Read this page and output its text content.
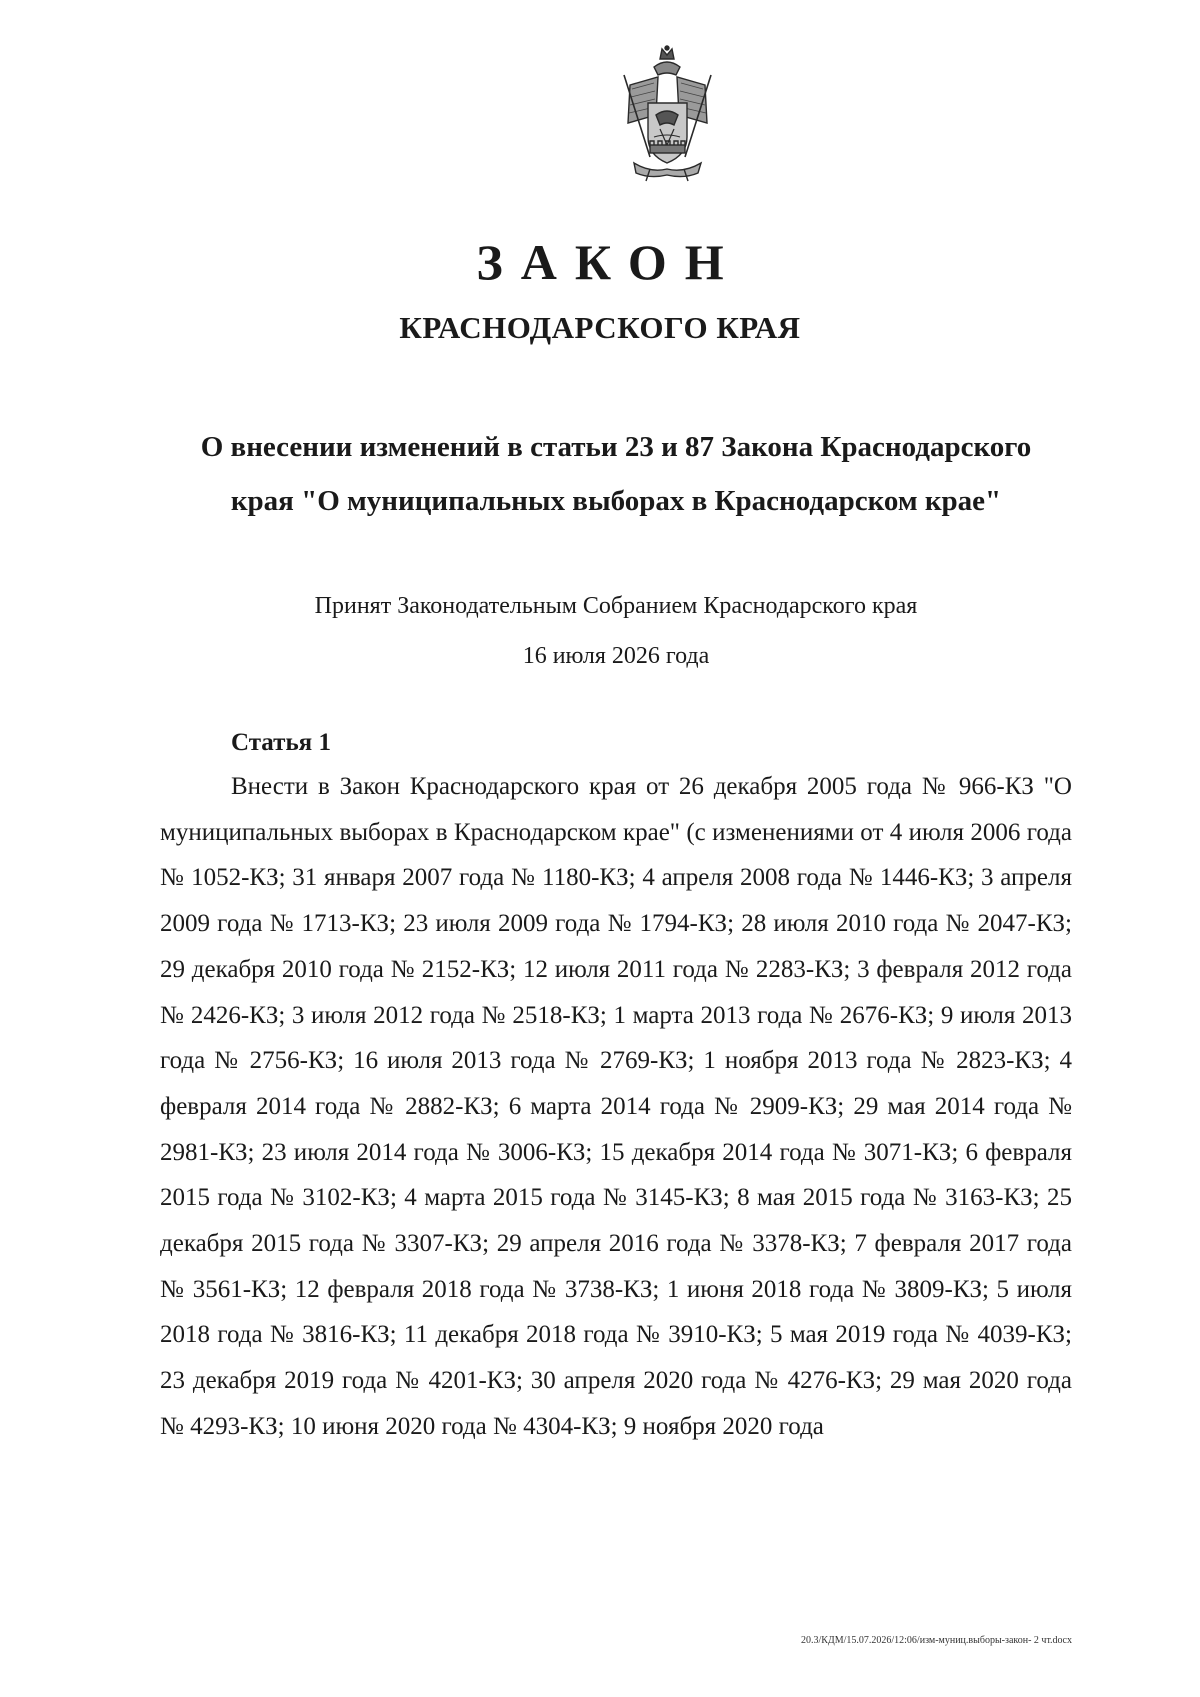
ЗАКОН
КРАСНОДАРСКОГО КРАЯ
О внесении изменений в статьи 23 и 87 Закона Краснодарского
края "О муниципальных выборах в Краснодарском крае"
Принят Законодательным Собранием Краснодарского края
16 июля 2026 года
Статья 1

Внести в Закон Краснодарского края от 26 декабря 2005 года № 966-КЗ "О муниципальных выборах в Краснодарском крае" (с изменениями от 4 июля 2006 года № 1052-КЗ; 31 января 2007 года № 1180-КЗ; 4 апреля 2008 года № 1446-КЗ; 3 апреля 2009 года № 1713-КЗ; 23 июля 2009 года № 1794-КЗ; 28 июля 2010 года № 2047-КЗ; 29 декабря 2010 года № 2152-КЗ; 12 июля 2011 года № 2283-КЗ; 3 февраля 2012 года № 2426-КЗ; 3 июля 2012 года № 2518-КЗ; 1 марта 2013 года № 2676-КЗ; 9 июля 2013 года № 2756-КЗ; 16 июля 2013 года № 2769-КЗ; 1 ноября 2013 года № 2823-КЗ; 4 февраля 2014 года № 2882-КЗ; 6 марта 2014 года № 2909-КЗ; 29 мая 2014 года № 2981-КЗ; 23 июля 2014 года № 3006-КЗ; 15 декабря 2014 года № 3071-КЗ; 6 февраля 2015 года № 3102-КЗ; 4 марта 2015 года № 3145-КЗ; 8 мая 2015 года № 3163-КЗ; 25 декабря 2015 года № 3307-КЗ; 29 апреля 2016 года № 3378-КЗ; 7 февраля 2017 года № 3561-КЗ; 12 февраля 2018 года № 3738-КЗ; 1 июня 2018 года № 3809-КЗ; 5 июля 2018 года № 3816-КЗ; 11 декабря 2018 года № 3910-КЗ; 5 мая 2019 года № 4039-КЗ; 23 декабря 2019 года № 4201-КЗ; 30 апреля 2020 года № 4276-КЗ; 29 мая 2020 года № 4293-КЗ; 10 июня 2020 года № 4304-КЗ; 9 ноября 2020 года

20.3/КДМ/15.07.2026/12:06/изм-муниц.выборы-закон- 2 чт.docx
